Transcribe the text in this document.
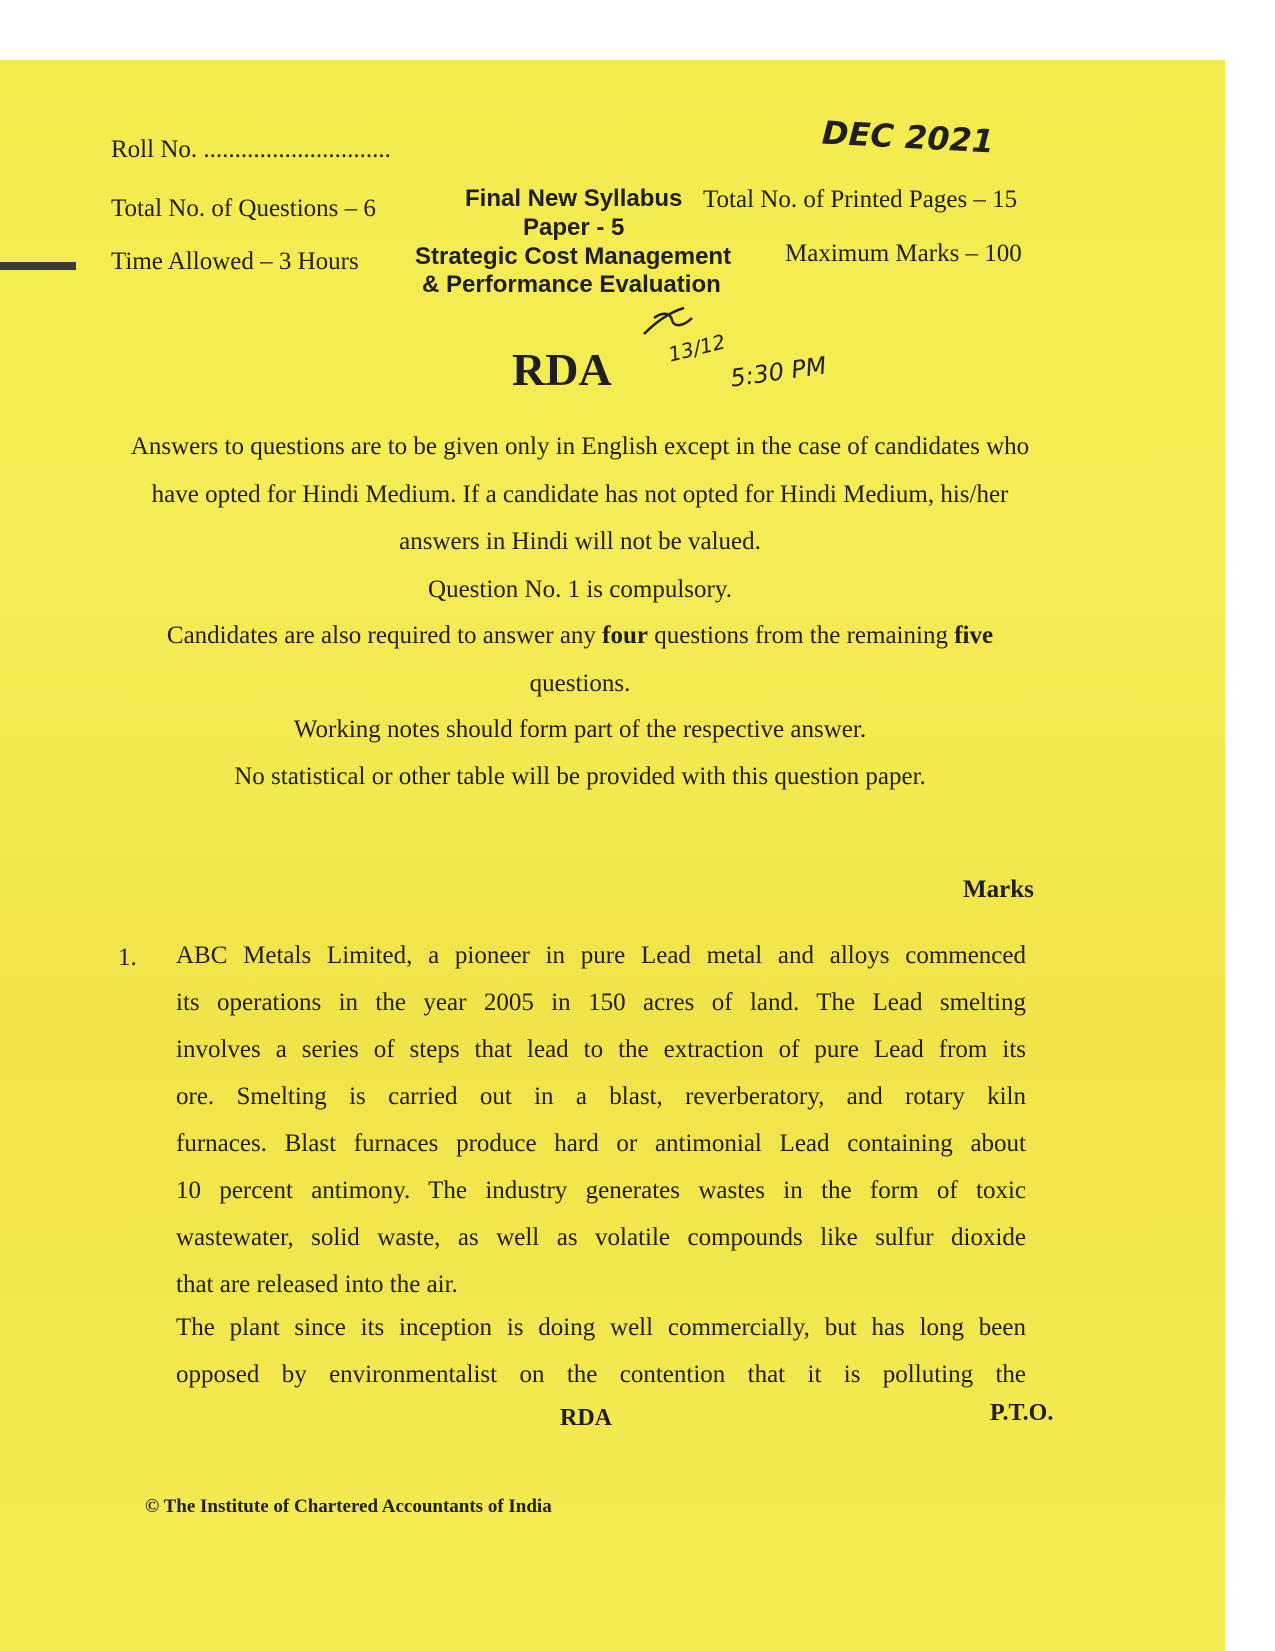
Roll No. ..............................	DEC 2021
Total No. of Questions – 6	Final New Syllabus Total No. of Printed Pages – 15
Paper - 5
Time Allowed – 3 Hours Strategic Cost Management Maximum Marks – 100
& Performance Evaluation
RDA	13/12
5:30 PM
Answers to questions are to be given only in English except in the case of candidates who
have opted for Hindi Medium. If a candidate has not opted for Hindi Medium, his/her
answers in Hindi will not be valued.
Question No. 1 is compulsory.
Candidates are also required to answer any four questions from the remaining five
questions.
Working notes should form part of the respective answer.
No statistical or other table will be provided with this question paper.
Marks
1. ABC Metals Limited, a pioneer in pure Lead metal and alloys commenced
its operations in the year 2005 in 150 acres of land. The Lead smelting
involves a series of steps that lead to the extraction of pure Lead from its
ore. Smelting is carried out in a blast, reverberatory, and rotary kiln
furnaces. Blast furnaces produce hard or antimonial Lead containing about
10 percent antimony. The industry generates wastes in the form of toxic
wastewater, solid waste, as well as volatile compounds like sulfur dioxide
that are released into the air.
The plant since its inception is doing well commercially, but has long been
opposed by environmentalist on the contention that it is polluting the
RDA	P.T.O.
© The Institute of Chartered Accountants of India
